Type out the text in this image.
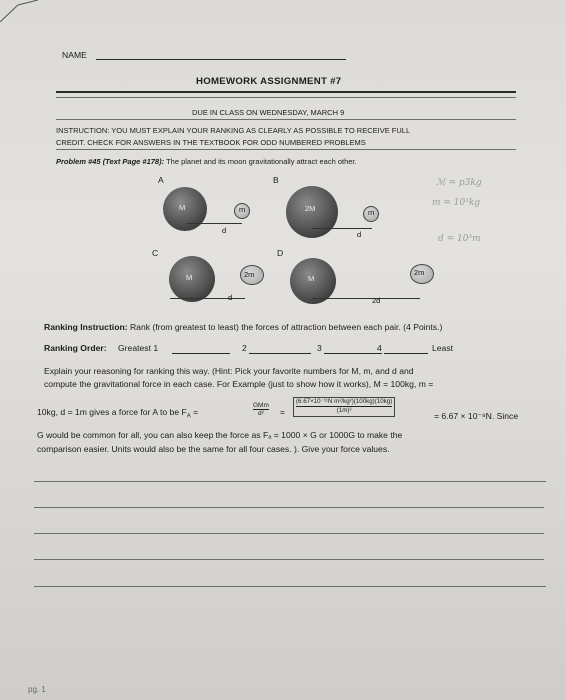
NAME
HOMEWORK ASSIGNMENT #7
DUE IN CLASS ON WEDNESDAY, MARCH 9
INSTRUCTION: YOU MUST EXPLAIN YOUR RANKING AS CLEARLY AS POSSIBLE TO RECEIVE FULL
CREDIT. CHECK FOR ANSWERS IN THE TEXTBOOK FOR ODD NUMBERED PROBLEMS
Problem #45 (Text Page #178): The planet and its moon gravitationally attract each other.
A
M	m
d
B
2M	m
d
ℳ = p3kg
m = 10³kg
d = 10³m
C
M	2m
d
D
M
2m
2d
Ranking Instruction: Rank (from greatest to least) the forces of attraction between each pair. (4 Points.)
Ranking Order: Greatest 1	2	3	4	Least
Explain your reasoning for ranking this way. (Hint: Pick your favorite numbers for M, m, and d and
compute the gravitational force in each case. For Example (just to show how it works), M = 100kg, m =
10kg, d = 1m gives a force for A to be $F_A$ =
GMm
d²	= $\frac{\text{(6.67×10⁻¹¹N m²/kg²)(100kg)(10kg)}}{\text{(1m)²}}$	= 6.67 × 10⁻⁸N. Since
G would be common for all, you can also keep the force as Fₐ = 1000 × G or 1000G to make the
comparison easier. Units would also be the same for all four cases. ). Give your force values.
pg. 1
